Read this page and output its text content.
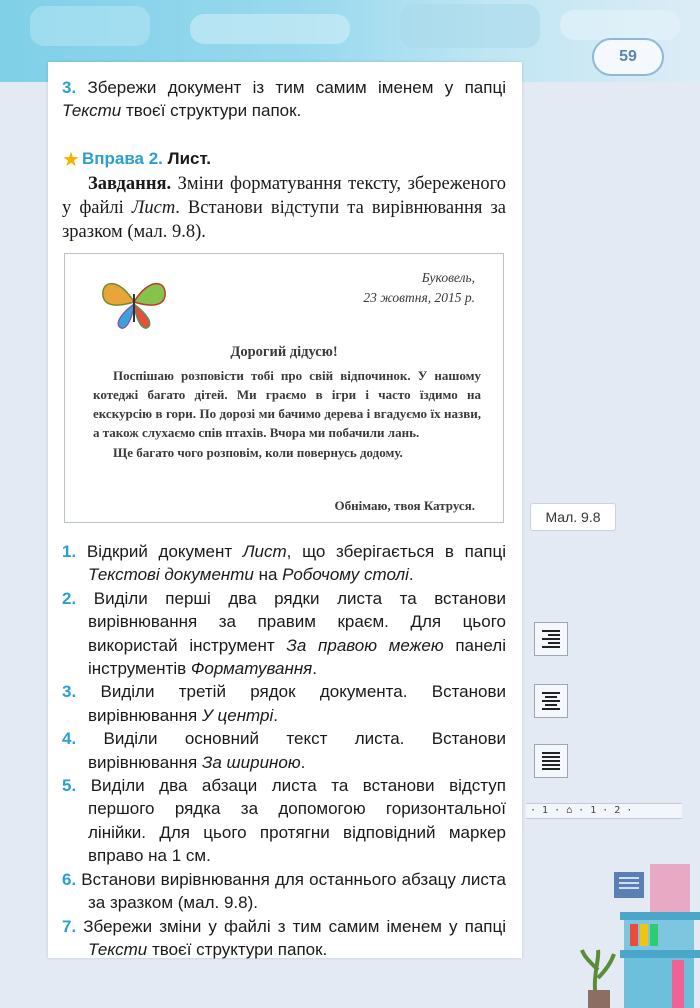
59
3. Збережи документ із тим самим іменем у папці Тексти твоєї структури папок.
★ Вправа 2. Лист.
Завдання. Зміни форматування тексту, збереженого у файлі Лист. Встанови відступи та вирівнювання за зразком (мал. 9.8).
Буковель,
23 жовтня, 2015 р.
Дорогий дідусю!
Поспішаю розповісти тобі про свій відпочинок. У нашому котеджі багато дітей. Ми граємо в ігри і часто їздимо на екскурсію в гори. По дорозі ми бачимо дерева і вгадуємо їх назви, а також слухаємо спів птахів. Вчора ми побачили лань.
Ще багато чого розповім, коли повернусь додому.
Обнімаю, твоя Катруся.
Мал. 9.8
1. Відкрий документ Лист, що зберігається в папці Текстові документи на Робочому столі.
2. Виділи перші два рядки листа та встанови вирівнювання за правим краєм. Для цього використай інструмент За правою межею панелі інструментів Форматування.
3. Виділи третій рядок документа. Встанови вирівнювання У центрі.
4. Виділи основний текст листа. Встанови вирівнювання За шириною.
5. Виділи два абзаци листа та встанови відступ першого рядка за допомогою горизонтальної лінійки. Для цього протягни відповідний маркер вправо на 1 см.
6. Встанови вирівнювання для останнього абзацу листа за зразком (мал. 9.8).
7. Збережи зміни у файлі з тим самим іменем у папці Тексти твоєї структури папок.
· 1 · ⌂ · 1 · 2 ·
